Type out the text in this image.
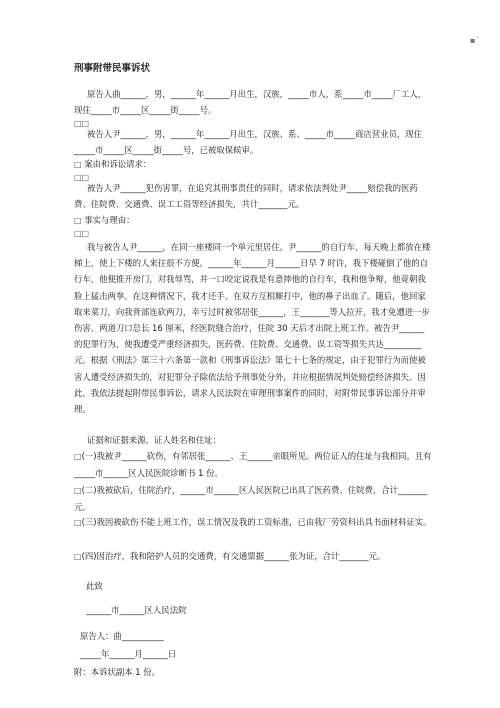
▪ˊ
刑事附带民事诉状

原告人曲______，男，______年______月出生，汉族，_____市人，系_____市_____厂工人，现住_____市_____区_____街_____号。

□□

被告人尹______，男，______年______月出生，汉族、系、_____市_____商店营业员，现住_____市_____区_____街_____号，已被取保候审。

□ 案由和诉讼请求：

□□

被告人尹______犯伤害罪，在追究其刑事责任的同时，请求依法判处尹_____赔偿我的医药费、住院费、交通费、误工工资等经济损失，共计_______元。

□ 事实与理由：

□□

我与被告人尹______，在同一座楼同一个单元里居住。尹______的自行车，每天晚上都放在楼梯上，使上下楼的人来往很不方便。______年______月______日早 7 时许，我下楼碰倒了他的自行车，他便推开房门，对我辱骂，并一口咬定说我是有意摔他的自行车，我和他争辩，他竟朝我脸上猛击两拳。在这种情况下，我才还手。在双方互相厮打中，他的鼻子出血了。随后，他回家取来菜刀，向我背部连砍两刀，幸亏过时被邻居张______，王_______等人拉开，我才免遭进一步伤害。两道刀口总长 16 厘米，经医院缝合治疗，住院 30 天后才出院上班工作。被告尹______的犯罪行为，使我遭受严重经济损失，医药费、住院费、交通费、误工资等损失共达_________元。根据《刑法》第三十六条第一款和《刑事诉讼法》第七十七条的规定，由于犯罪行为而使被害人遭受经济损失的，对犯罪分子除依法给予刑事处分外，并应根据情况判处赔偿经济损失。因此，我依法提起附带民事诉讼，请求人民法院在审理刑事案件的同时，对附带民事诉讼部分并审理。

证据和证据来源，证人姓名和住址：

□(一)我被尹______砍伤，有邻居张______、王______亲眼所见。两位证人的住址与我相同。且有_____市______区人民医院诊断书 1 份。

□(二)我被砍后，住院治疗，______市______区人民医院已出具了医药费、住院费，合计_______元。

□(三)我因被砍伤不能上班工作，误工情况及我的工资标准，已由我厂劳资科出具书面材料证实。

□(四)因治疗，我和陪护人员的交通费，有交通票据______张为证，合计_______元。

此致

______市______区人民法院

原告人：曲__________

_____年______月______日

附：本诉状副本 1 份。
